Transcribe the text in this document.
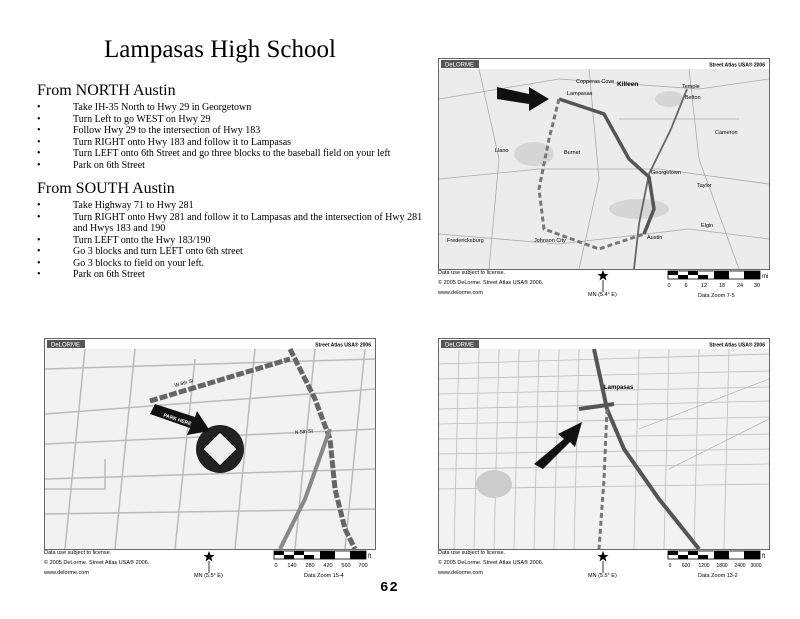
Lampasas High School
From NORTH Austin
• Take IH-35 North to Hwy 29 in Georgetown
• Turn Left to go WEST on Hwy 29
• Follow Hwy 29 to the intersection of Hwy 183
• Turn RIGHT onto Hwy 183 and follow it to Lampasas
• Turn LEFT onto 6th Street and go three blocks to the baseball field on your left
• Park on 6th Street
From SOUTH Austin
• Take Highway 71 to Hwy 281
• Turn RIGHT onto Hwy 281 and follow it to Lampasas and the intersection of Hwy 281 and Hwys 183 and 190
• Turn LEFT onto the Hwy 183/190
• Go 3 blocks and turn LEFT onto 6th street
• Go 3 blocks to field on your left.
• Park on 6th Street
DeLORME	Street Atlas USA® 2006
Copperas Cove
Lampasas
Killeen	Temple
Belton
Cameron
Llano	Burnet
Georgetown
Taylor
Fredericksburg	Johnson City	Austin
Elgin
Data use subject to license.
© 2005 DeLorme. Street Atlas USA® 2006.
www.delorme.com	MN (5.4° E)
mi
0	6 12 18 24 30
Data Zoom 7-5
DeLORME	Street Atlas USA® 2006
PARK HERE
W 6th St
N 5th St
Data use subject to license.
© 2005 DeLorme. Street Atlas USA® 2006.
www.delorme.com	MN (5.5° E)
ft
0 140 280 420 560 700
Data Zoom 15-4
DeLORME	Street Atlas USA® 2006
Lampasas
Data use subject to license.
© 2005 DeLorme. Street Atlas USA® 2006.
www.delorme.com	MN (5.5° E)
ft
0 600 1200 1800 2400 3000
Data Zoom 13-2
62
